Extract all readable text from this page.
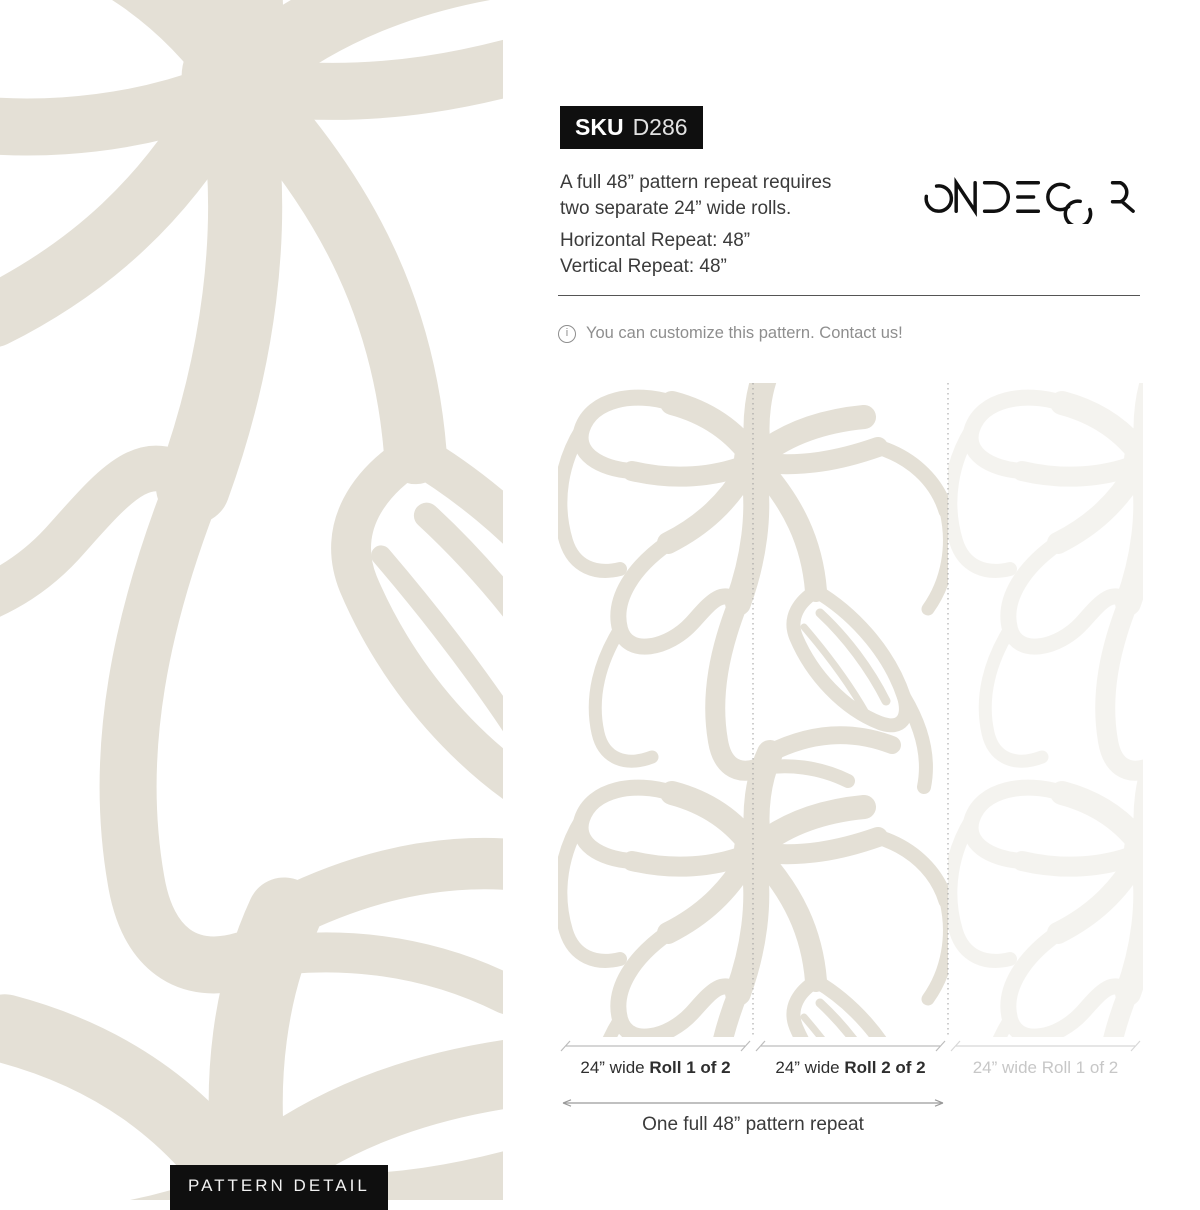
PATTERN DETAIL
SKU D286
A full 48” pattern repeat requires
two separate 24” wide rolls.
Horizontal Repeat: 48”
Vertical Repeat: 48”
i	You can customize this pattern. Contact us!
24” wide Roll 1 of 2	24” wide Roll 2 of 2	24” wide Roll 1 of 2
One full 48” pattern repeat
